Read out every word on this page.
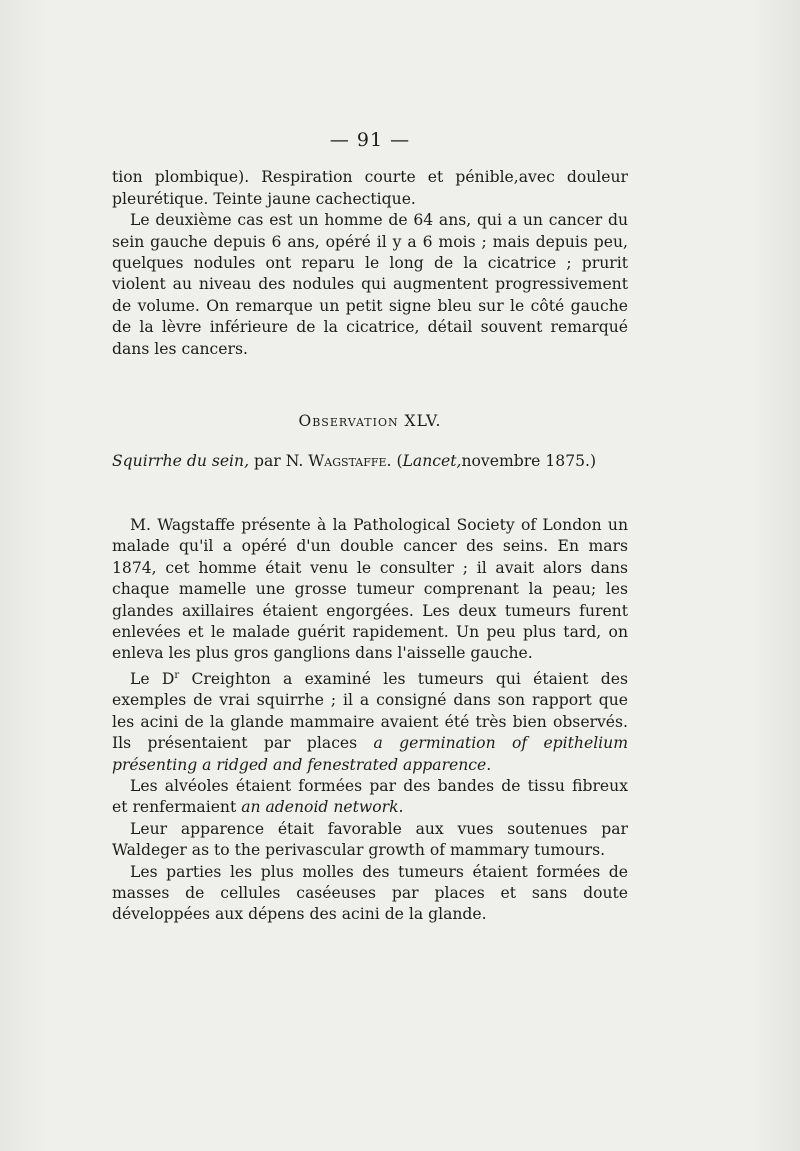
— 91 —

tion plombique). Respiration courte et pénible,avec douleur pleurétique. Teinte jaune cachectique.

Le deuxième cas est un homme de 64 ans, qui a un cancer du sein gauche depuis 6 ans, opéré il y a 6 mois ; mais depuis peu, quelques nodules ont reparu le long de la cicatrice ; prurit violent au niveau des nodules qui augmentent progressivement de volume. On remarque un petit signe bleu sur le côté gauche de la lèvre inférieure de la cicatrice, détail souvent remarqué dans les cancers.

Observation XLV.

Squirrhe du sein, par N. Wagstaffe. (Lancet,novembre 1875.)

M. Wagstaffe présente à la Pathological Society of London un malade qu'il a opéré d'un double cancer des seins. En mars 1874, cet homme était venu le consulter ; il avait alors dans chaque mamelle une grosse tumeur comprenant la peau; les glandes axillaires étaient engorgées. Les deux tumeurs furent enlevées et le malade guérit rapidement. Un peu plus tard, on enleva les plus gros ganglions dans l'aisselle gauche.

Le $D^r$ Creighton a examiné les tumeurs qui étaient des exemples de vrai squirrhe ; il a consigné dans son rapport que les acini de la glande mammaire avaient été très bien observés. Ils présentaient par places a germination of epithelium présenting a ridged and fenestrated apparence.

Les alvéoles étaient formées par des bandes de tissu fibreux et renfermaient an adenoid network.

Leur apparence était favorable aux vues soutenues par Waldeger as to the perivascular growth of mammary tumours.

Les parties les plus molles des tumeurs étaient formées de masses de cellules caséeuses par places et sans doute développées aux dépens des acini de la glande.
